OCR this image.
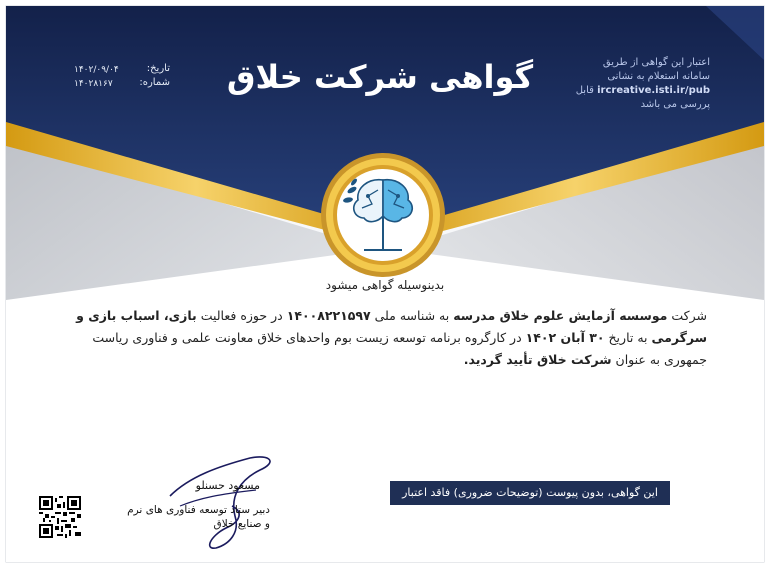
گواهی شرکت خلاق
تاریخ:
شماره:
۱۴۰۲/۰۹/۰۴
۱۴۰۲۸۱۶۷
اعتبار این گواهی از طریق
سامانه استعلام به نشانی
ircreative.isti.ir/pub قابل
پررسی می باشد
بدینوسیله گواهی میشود
شرکت موسسه آزمایش علوم خلاق مدرسه به شناسه ملی ۱۴۰۰۸۲۲۱۵۹۷ در حوزه فعالیت بازی، اسباب بازی و سرگرمی به تاریخ ۳۰ آبان ۱۴۰۲ در کارگروه برنامه توسعه زیست بوم واحدهای خلاق معاونت علمی و فناوری ریاست جمهوری به عنوان شرکت خلاق تأیید گردید.
این گواهی، بدون پیوست (توضیحات ضروری) فاقد اعتبار است.
مسعود حسنلو
دبیر ستاد توسعه فناوری های نرم
و صنایع خلاق
